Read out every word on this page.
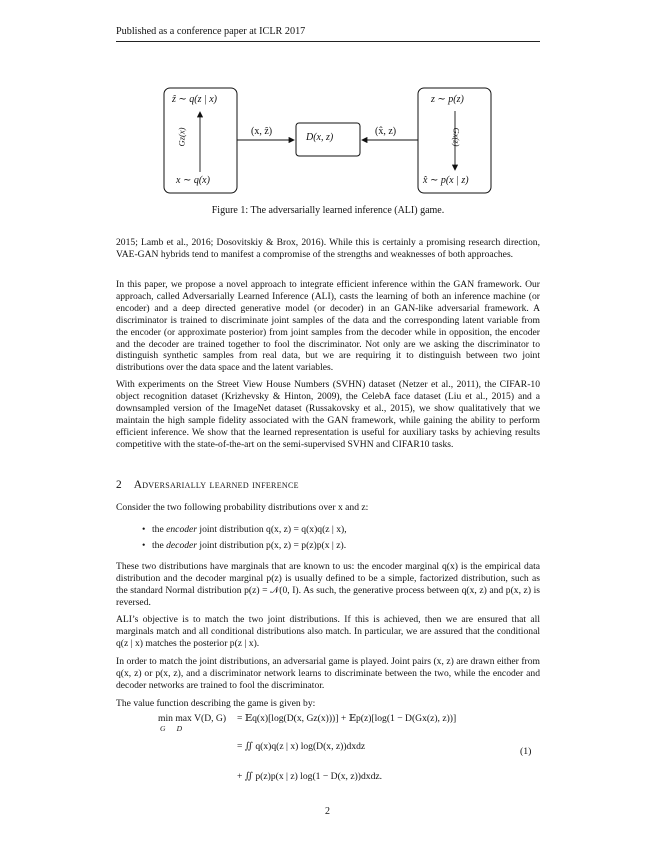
Published as a conference paper at ICLR 2017
ẑ ∼ q(z | x)
Gz(x)
x ∼ q(x)
D(x, z)
(x, ẑ)	(x̂, z)
z ∼ p(z)
Gx(z)
x̂ ∼ p(x | z)
Figure 1: The adversarially learned inference (ALI) game.

2015; Lamb et al., 2016; Dosovitskiy & Brox, 2016). While this is certainly a promising research direction, VAE-GAN hybrids tend to manifest a compromise of the strengths and weaknesses of both approaches.

In this paper, we propose a novel approach to integrate efficient inference within the GAN framework. Our approach, called Adversarially Learned Inference (ALI), casts the learning of both an inference machine (or encoder) and a deep directed generative model (or decoder) in an GAN-like adversarial framework. A discriminator is trained to discriminate joint samples of the data and the corresponding latent variable from the encoder (or approximate posterior) from joint samples from the decoder while in opposition, the encoder and the decoder are trained together to fool the discriminator. Not only are we asking the discriminator to distinguish synthetic samples from real data, but we are requiring it to distinguish between two joint distributions over the data space and the latent variables.

With experiments on the Street View House Numbers (SVHN) dataset (Netzer et al., 2011), the CIFAR-10 object recognition dataset (Krizhevsky & Hinton, 2009), the CelebA face dataset (Liu et al., 2015) and a downsampled version of the ImageNet dataset (Russakovsky et al., 2015), we show qualitatively that we maintain the high sample fidelity associated with the GAN framework, while gaining the ability to perform efficient inference. We show that the learned representation is useful for auxiliary tasks by achieving results competitive with the state-of-the-art on the semi-supervised SVHN and CIFAR10 tasks.

2 Adversarially learned inference

Consider the two following probability distributions over x and z:

• the encoder joint distribution q(x, z) = q(x)q(z | x),
• the decoder joint distribution p(x, z) = p(z)p(x | z).

These two distributions have marginals that are known to us: the encoder marginal q(x) is the empirical data distribution and the decoder marginal p(z) is usually defined to be a simple, factorized distribution, such as the standard Normal distribution p(z) = 𝒩(0, I). As such, the generative process between q(x, z) and p(x, z) is reversed.

ALI’s objective is to match the two joint distributions. If this is achieved, then we are ensured that all marginals match and all conditional distributions also match. In particular, we are assured that the conditional q(z | x) matches the posterior p(z | x).

In order to match the joint distributions, an adversarial game is played. Joint pairs (x, z) are drawn either from q(x, z) or p(x, z), and a discriminator network learns to discriminate between the two, while the encoder and decoder networks are trained to fool the discriminator.

The value function describing the game is given by:

min max V(D, G)
G      D
= 𝔼q(x)[log(D(x, Gz(x)))] + 𝔼p(z)[log(1 − D(Gx(z), z))]
= ∬ q(x)q(z | x) log(D(x, z))dxdz
+ ∬ p(z)p(x | z) log(1 − D(x, z))dxdz.
(1)
2
